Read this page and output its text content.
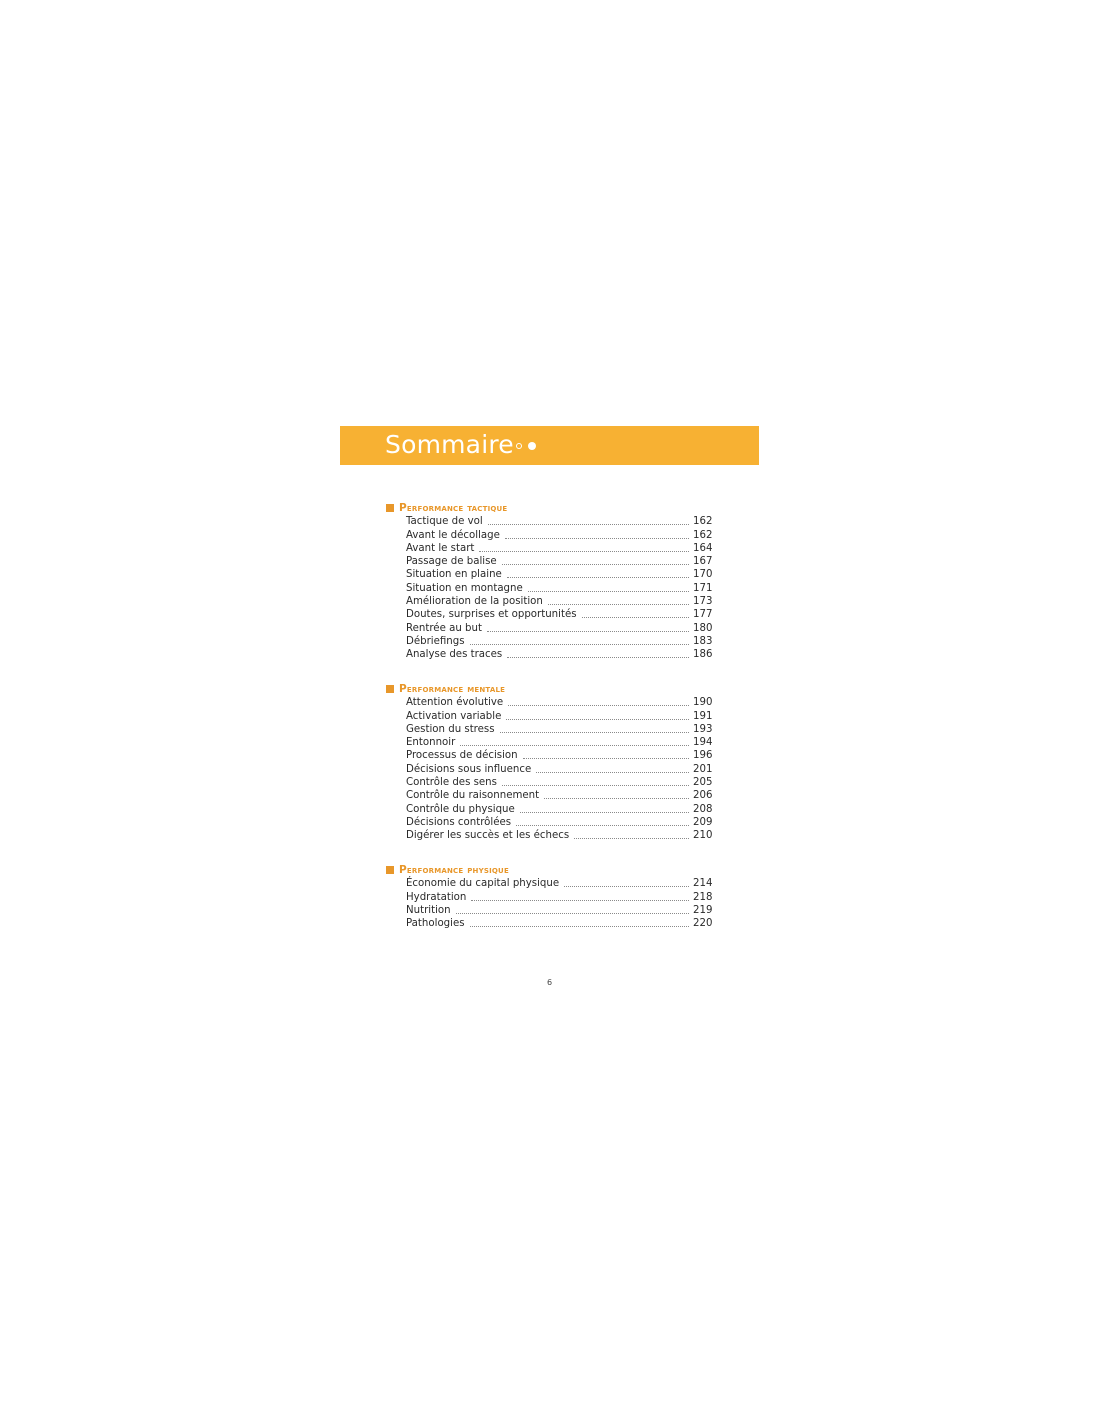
Sommaire
Performance tactique
Tactique de vol	162
Avant le décollage	162
Avant le start	164
Passage de balise	167
Situation en plaine	170
Situation en montagne	171
Amélioration de la position	173
Doutes, surprises et opportunités	177
Rentrée au but	180
Débriefings	183
Analyse des traces	186
Performance mentale
Attention évolutive	190
Activation variable	191
Gestion du stress	193
Entonnoir	194
Processus de décision	196
Décisions sous influence	201
Contrôle des sens	205
Contrôle du raisonnement	206
Contrôle du physique	208
Décisions contrôlées	209
Digérer les succès et les échecs	210
Performance physique
Économie du capital physique	214
Hydratation	218
Nutrition	219
Pathologies	220
6
